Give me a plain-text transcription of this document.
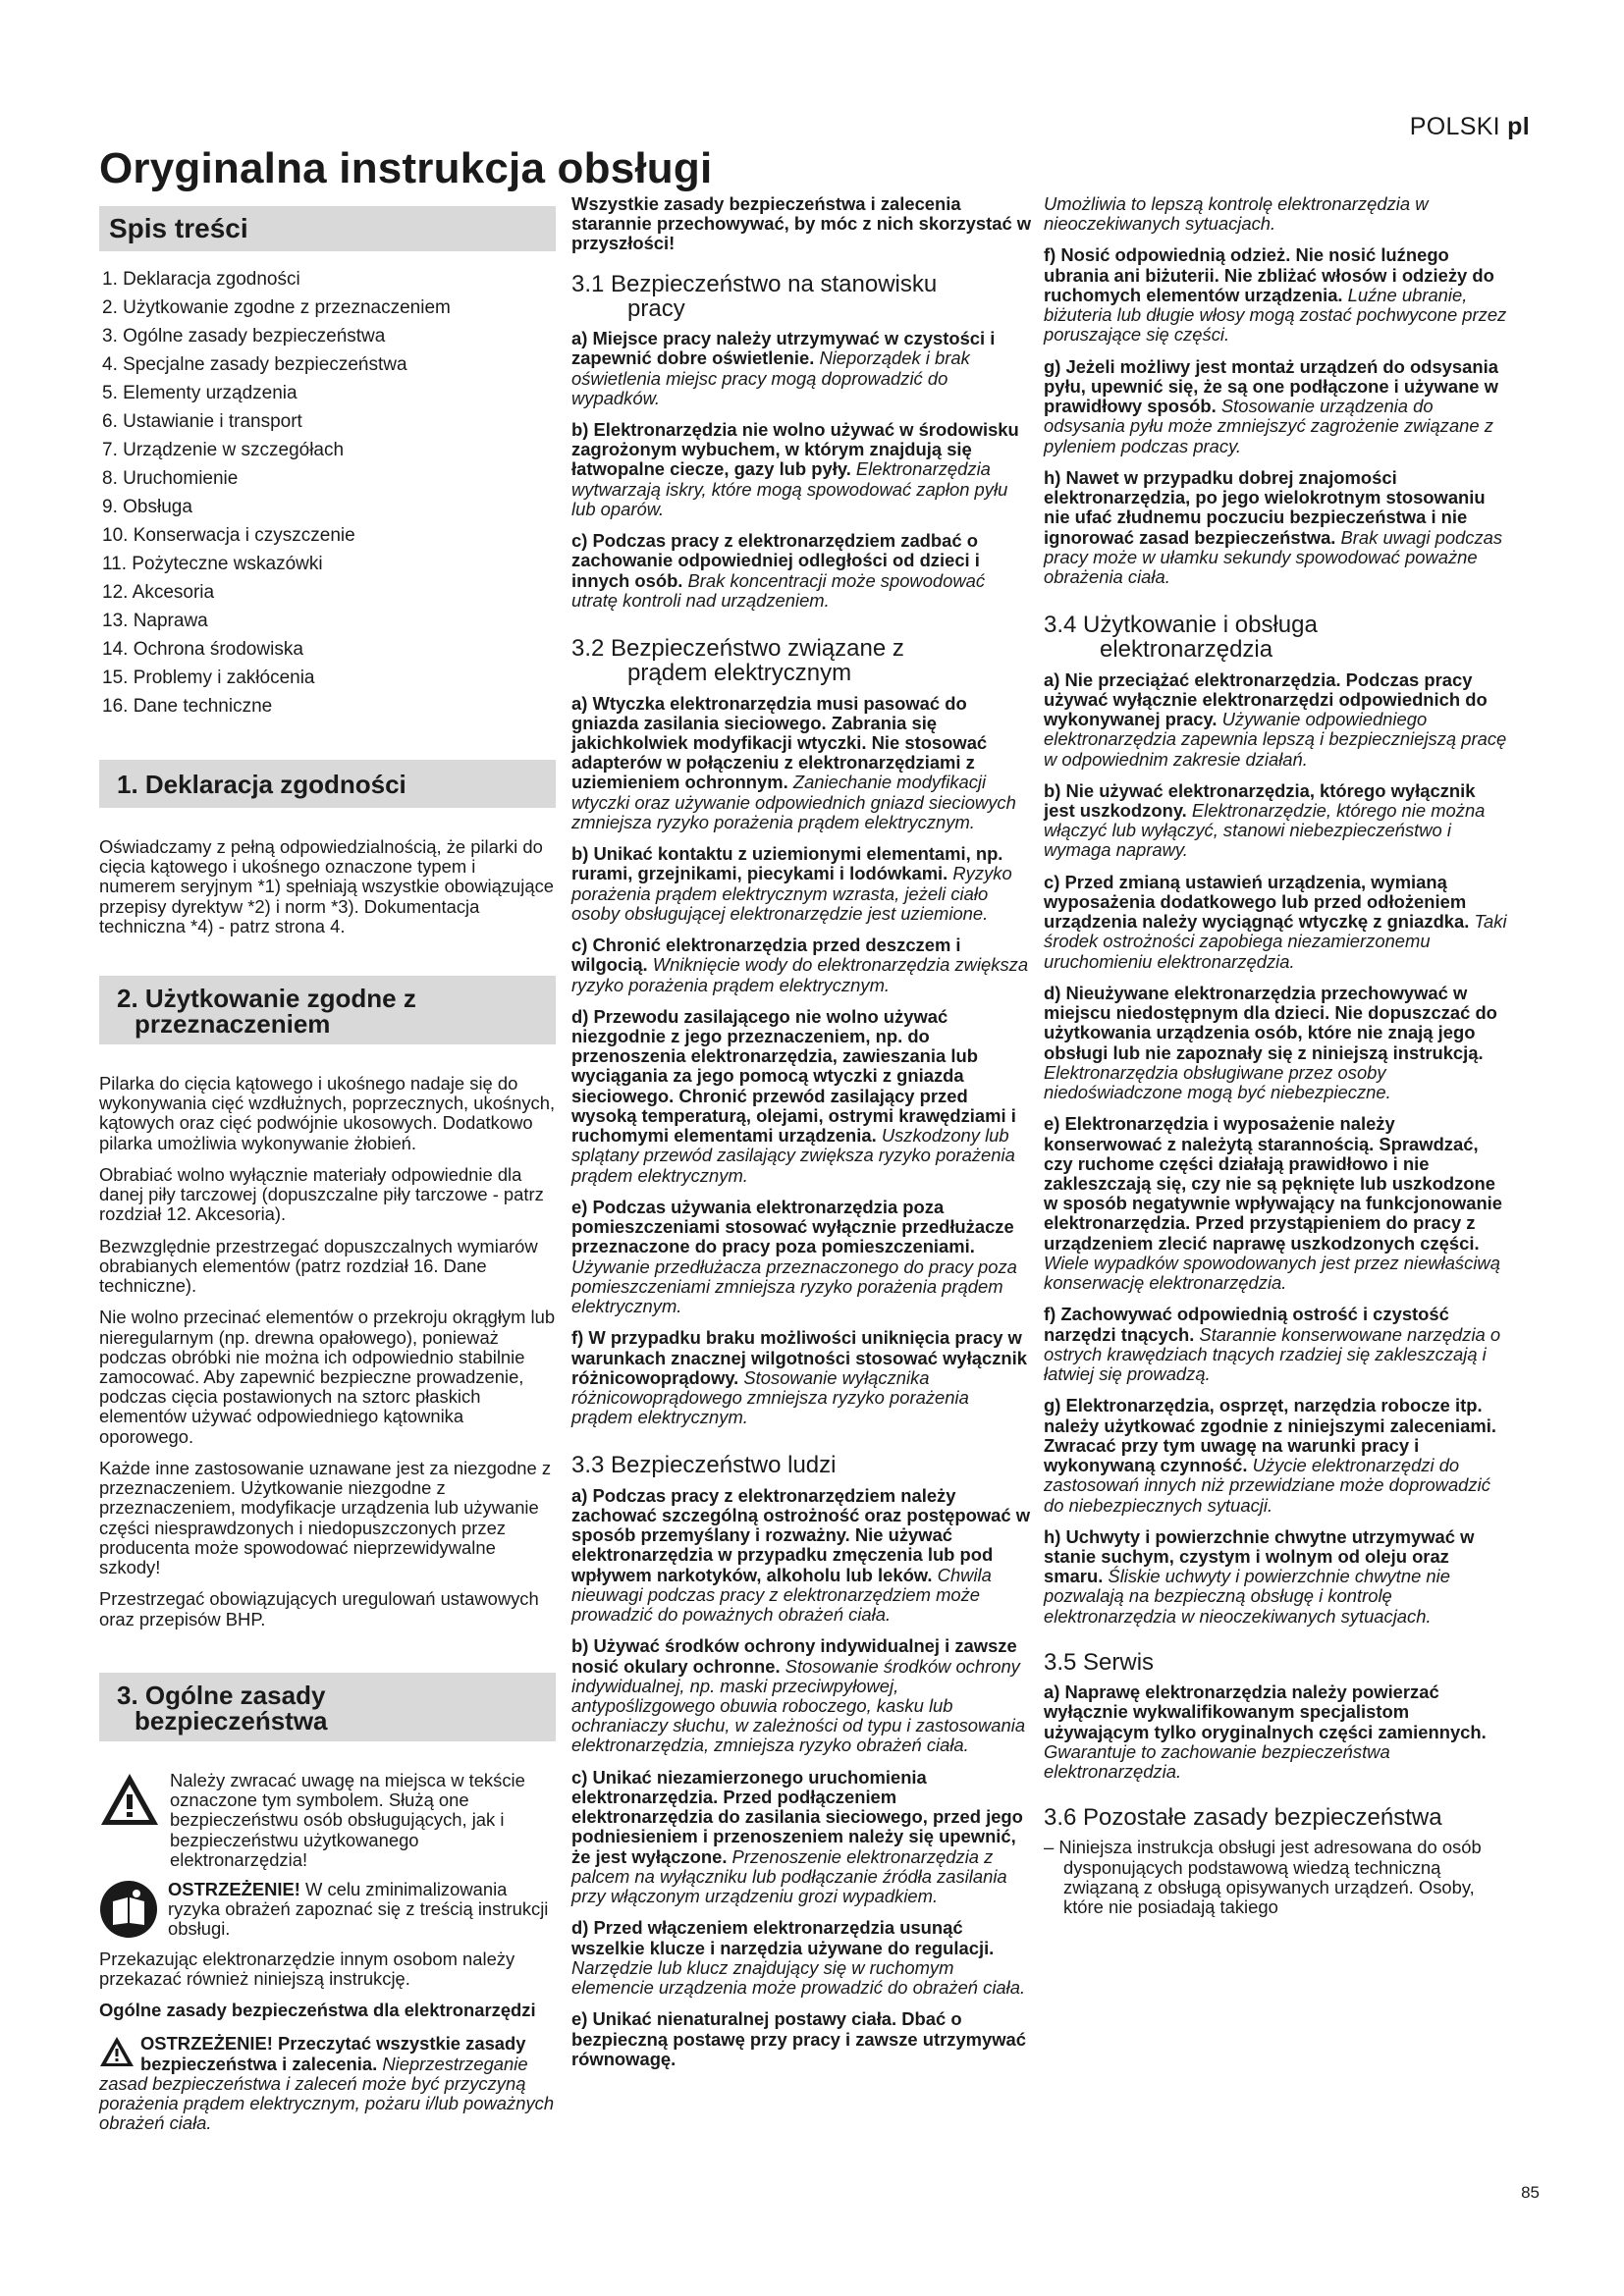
POLSKI pl
Oryginalna instrukcja obsługi
Spis treści
1. Deklaracja zgodności
2. Użytkowanie zgodne z przeznaczeniem
3. Ogólne zasady bezpieczeństwa
4. Specjalne zasady bezpieczeństwa
5. Elementy urządzenia
6. Ustawianie i transport
7. Urządzenie w szczegółach
8. Uruchomienie
9. Obsługa
10. Konserwacja i czyszczenie
11. Pożyteczne wskazówki
12. Akcesoria
13. Naprawa
14. Ochrona środowiska
15. Problemy i zakłócenia
16. Dane techniczne
1. Deklaracja zgodności

Oświadczamy z pełną odpowiedzialnością, że pilarki do cięcia kątowego i ukośnego oznaczone typem i numerem seryjnym *1) spełniają wszystkie obowiązujące przepisy dyrektyw *2) i norm *3). Dokumentacja techniczna *4) - patrz strona 4.

2. Użytkowanie zgodne z
przeznaczeniem

Pilarka do cięcia kątowego i ukośnego nadaje się do wykonywania cięć wzdłużnych, poprzecznych, ukośnych, kątowych oraz cięć podwójnie ukosowych. Dodatkowo pilarka umożliwia wykonywanie żłobień.

Obrabiać wolno wyłącznie materiały odpowiednie dla danej piły tarczowej (dopuszczalne piły tarczowe - patrz rozdział 12. Akcesoria).

Bezwzględnie przestrzegać dopuszczalnych wymiarów obrabianych elementów (patrz rozdział 16. Dane techniczne).

Nie wolno przecinać elementów o przekroju okrągłym lub nieregularnym (np. drewna opałowego), ponieważ podczas obróbki nie można ich odpowiednio stabilnie zamocować. Aby zapewnić bezpieczne prowadzenie, podczas cięcia postawionych na sztorc płaskich elementów używać odpowiedniego kątownika oporowego.

Każde inne zastosowanie uznawane jest za niezgodne z przeznaczeniem. Użytkowanie niezgodne z przeznaczeniem, modyfikacje urządzenia lub używanie części niesprawdzonych i niedopuszczonych przez producenta może spowodować nieprzewidywalne szkody!

Przestrzegać obowiązujących uregulowań ustawowych oraz przepisów BHP.

3. Ogólne zasady
bezpieczeństwa

Należy zwracać uwagę na miejsca w tekście oznaczone tym symbolem. Służą one bezpieczeństwu osób obsługujących, jak i bezpieczeństwu użytkowanego elektronarzędzia!

OSTRZEŻENIE! W celu zminimalizowania ryzyka obrażeń zapoznać się z treścią instrukcji obsługi.

Przekazując elektronarzędzie innym osobom należy przekazać również niniejszą instrukcję.

Ogólne zasady bezpieczeństwa dla elektronarzędzi

OSTRZEŻENIE! Przeczytać wszystkie zasady bezpieczeństwa i zalecenia. Nieprzestrzeganie zasad bezpieczeństwa i zaleceń może być przyczyną porażenia prądem elektrycznym, pożaru i/lub poważnych obrażeń ciała.

Wszystkie zasady bezpieczeństwa i zalecenia starannie przechowywać, by móc z nich skorzystać w przyszłości!

3.1 Bezpieczeństwo na stanowisku
pracy

a) Miejsce pracy należy utrzymywać w czystości i zapewnić dobre oświetlenie. Nieporządek i brak oświetlenia miejsc pracy mogą doprowadzić do wypadków.

b) Elektronarzędzia nie wolno używać w środowisku zagrożonym wybuchem, w którym znajdują się łatwopalne ciecze, gazy lub pyły. Elektronarzędzia wytwarzają iskry, które mogą spowodować zapłon pyłu lub oparów.

c) Podczas pracy z elektronarzędziem zadbać o zachowanie odpowiedniej odległości od dzieci i innych osób. Brak koncentracji może spowodować utratę kontroli nad urządzeniem.

3.2 Bezpieczeństwo związane z
prądem elektrycznym

a) Wtyczka elektronarzędzia musi pasować do gniazda zasilania sieciowego. Zabrania się jakichkolwiek modyfikacji wtyczki. Nie stosować adapterów w połączeniu z elektronarzędziami z uziemieniem ochronnym. Zaniechanie modyfikacji wtyczki oraz używanie odpowiednich gniazd sieciowych zmniejsza ryzyko porażenia prądem elektrycznym.

b) Unikać kontaktu z uziemionymi elementami, np. rurami, grzejnikami, piecykami i lodówkami. Ryzyko porażenia prądem elektrycznym wzrasta, jeżeli ciało osoby obsługującej elektronarzędzie jest uziemione.

c) Chronić elektronarzędzia przed deszczem i wilgocią. Wniknięcie wody do elektronarzędzia zwiększa ryzyko porażenia prądem elektrycznym.

d) Przewodu zasilającego nie wolno używać niezgodnie z jego przeznaczeniem, np. do przenoszenia elektronarzędzia, zawieszania lub wyciągania za jego pomocą wtyczki z gniazda sieciowego. Chronić przewód zasilający przed wysoką temperaturą, olejami, ostrymi krawędziami i ruchomymi elementami urządzenia. Uszkodzony lub splątany przewód zasilający zwiększa ryzyko porażenia prądem elektrycznym.

e) Podczas używania elektronarzędzia poza pomieszczeniami stosować wyłącznie przedłużacze przeznaczone do pracy poza pomieszczeniami. Używanie przedłużacza przeznaczonego do pracy poza pomieszczeniami zmniejsza ryzyko porażenia prądem elektrycznym.

f) W przypadku braku możliwości uniknięcia pracy w warunkach znacznej wilgotności stosować wyłącznik różnicowoprądowy. Stosowanie wyłącznika różnicowoprądowego zmniejsza ryzyko porażenia prądem elektrycznym.

3.3 Bezpieczeństwo ludzi

a) Podczas pracy z elektronarzędziem należy zachować szczególną ostrożność oraz postępować w sposób przemyślany i rozważny. Nie używać elektronarzędzia w przypadku zmęczenia lub pod wpływem narkotyków, alkoholu lub leków. Chwila nieuwagi podczas pracy z elektronarzędziem może prowadzić do poważnych obrażeń ciała.

b) Używać środków ochrony indywidualnej i zawsze nosić okulary ochronne. Stosowanie środków ochrony indywidualnej, np. maski przeciwpyłowej, antypoślizgowego obuwia roboczego, kasku lub ochraniaczy słuchu, w zależności od typu i zastosowania elektronarzędzia, zmniejsza ryzyko obrażeń ciała.

c) Unikać niezamierzonego uruchomienia elektronarzędzia. Przed podłączeniem elektronarzędzia do zasilania sieciowego, przed jego podniesieniem i przenoszeniem należy się upewnić, że jest wyłączone. Przenoszenie elektronarzędzia z palcem na wyłączniku lub podłączanie źródła zasilania przy włączonym urządzeniu grozi wypadkiem.

d) Przed włączeniem elektronarzędzia usunąć wszelkie klucze i narzędzia używane do regulacji. Narzędzie lub klucz znajdujący się w ruchomym elemencie urządzenia może prowadzić do obrażeń ciała.

e) Unikać nienaturalnej postawy ciała. Dbać o bezpieczną postawę przy pracy i zawsze utrzymywać równowagę.

Umożliwia to lepszą kontrolę elektronarzędzia w nieoczekiwanych sytuacjach.

f) Nosić odpowiednią odzież. Nie nosić luźnego ubrania ani biżuterii. Nie zbliżać włosów i odzieży do ruchomych elementów urządzenia. Luźne ubranie, biżuteria lub długie włosy mogą zostać pochwycone przez poruszające się części.

g) Jeżeli możliwy jest montaż urządzeń do odsysania pyłu, upewnić się, że są one podłączone i używane w prawidłowy sposób. Stosowanie urządzenia do odsysania pyłu może zmniejszyć zagrożenie związane z pyleniem podczas pracy.

h) Nawet w przypadku dobrej znajomości elektronarzędzia, po jego wielokrotnym stosowaniu nie ufać złudnemu poczuciu bezpieczeństwa i nie ignorować zasad bezpieczeństwa. Brak uwagi podczas pracy może w ułamku sekundy spowodować poważne obrażenia ciała.

3.4 Użytkowanie i obsługa
elektronarzędzia

a) Nie przeciążać elektronarzędzia. Podczas pracy używać wyłącznie elektronarzędzi odpowiednich do wykonywanej pracy. Używanie odpowiedniego elektronarzędzia zapewnia lepszą i bezpieczniejszą pracę w odpowiednim zakresie działań.

b) Nie używać elektronarzędzia, którego wyłącznik jest uszkodzony. Elektronarzędzie, którego nie można włączyć lub wyłączyć, stanowi niebezpieczeństwo i wymaga naprawy.

c) Przed zmianą ustawień urządzenia, wymianą wyposażenia dodatkowego lub przed odłożeniem urządzenia należy wyciągnąć wtyczkę z gniazdka. Taki środek ostrożności zapobiega niezamierzonemu uruchomieniu elektronarzędzia.

d) Nieużywane elektronarzędzia przechowywać w miejscu niedostępnym dla dzieci. Nie dopuszczać do użytkowania urządzenia osób, które nie znają jego obsługi lub nie zapoznały się z niniejszą instrukcją. Elektronarzędzia obsługiwane przez osoby niedoświadczone mogą być niebezpieczne.

e) Elektronarzędzia i wyposażenie należy konserwować z należytą starannością. Sprawdzać, czy ruchome części działają prawidłowo i nie zakleszczają się, czy nie są pęknięte lub uszkodzone w sposób negatywnie wpływający na funkcjonowanie elektronarzędzia. Przed przystąpieniem do pracy z urządzeniem zlecić naprawę uszkodzonych części. Wiele wypadków spowodowanych jest przez niewłaściwą konserwację elektronarzędzia.

f) Zachowywać odpowiednią ostrość i czystość narzędzi tnących. Starannie konserwowane narzędzia o ostrych krawędziach tnących rzadziej się zakleszczają i łatwiej się prowadzą.

g) Elektronarzędzia, osprzęt, narzędzia robocze itp. należy użytkować zgodnie z niniejszymi zaleceniami. Zwracać przy tym uwagę na warunki pracy i wykonywaną czynność. Użycie elektronarzędzi do zastosowań innych niż przewidziane może doprowadzić do niebezpiecznych sytuacji.

h) Uchwyty i powierzchnie chwytne utrzymywać w stanie suchym, czystym i wolnym od oleju oraz smaru. Śliskie uchwyty i powierzchnie chwytne nie pozwalają na bezpieczną obsługę i kontrolę elektronarzędzia w nieoczekiwanych sytuacjach.

3.5 Serwis

a) Naprawę elektronarzędzia należy powierzać wyłącznie wykwalifikowanym specjalistom używającym tylko oryginalnych części zamiennych. Gwarantuje to zachowanie bezpieczeństwa elektronarzędzia.

3.6 Pozostałe zasady bezpieczeństwa
– Niniejsza instrukcja obsługi jest adresowana do osób dysponujących podstawową wiedzą techniczną związaną z obsługą opisywanych urządzeń. Osoby, które nie posiadają takiego
85
